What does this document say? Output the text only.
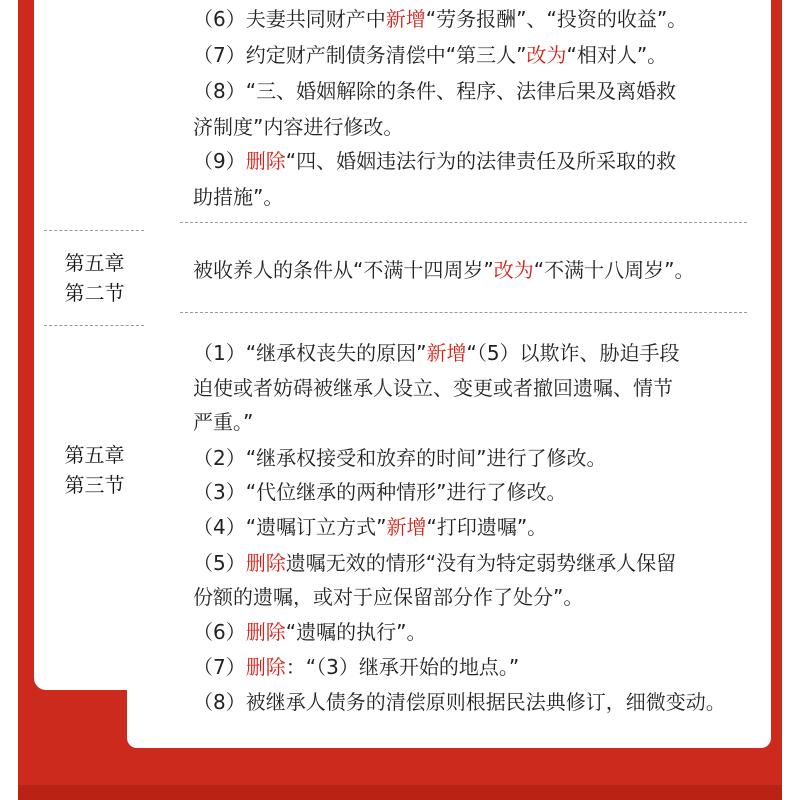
（6）夫妻共同财产中新增“劳务报酬”、“投资的收益”。
（7）约定财产制债务清偿中“第三人”改为“相对人”。
（8）“三、婚姻解除的条件、程序、法律后果及离婚救
济制度”内容进行修改。
（9）删除“四、婚姻违法行为的法律责任及所采取的救
助措施”。
第五章
第二节
被收养人的条件从“不满十四周岁”改为“不满十八周岁”。
第五章
第三节
（1）“继承权丧失的原因”新增“（5）以欺诈、胁迫手段
迫使或者妨碍被继承人设立、变更或者撤回遗嘱、情节
严重。”
（2）“继承权接受和放弃的时间”进行了修改。
（3）“代位继承的两种情形”进行了修改。
（4）“遗嘱订立方式”新增“打印遗嘱”。
（5）删除遗嘱无效的情形“没有为特定弱势继承人保留
份额的遗嘱，或对于应保留部分作了处分”。
（6）删除“遗嘱的执行”。
（7）删除：“（3）继承开始的地点。”
（8）被继承人债务的清偿原则根据民法典修订，细微变动。
